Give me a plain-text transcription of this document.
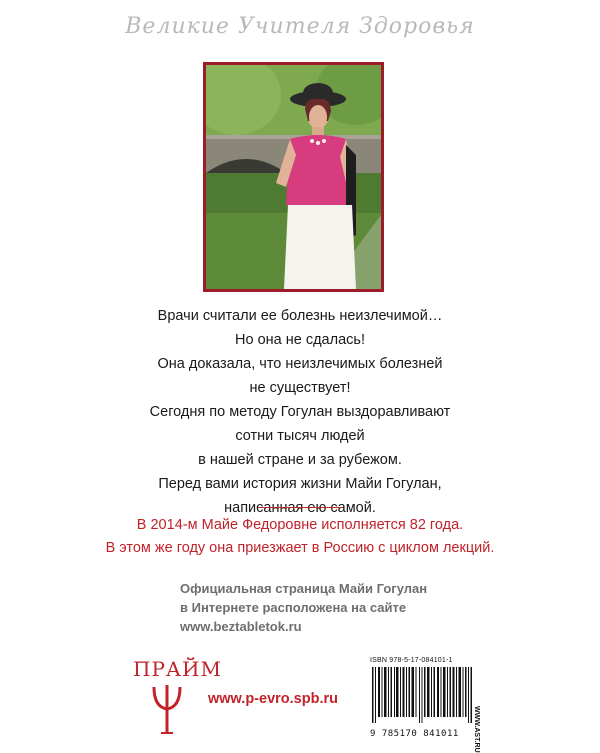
Великие Учителя Здоровья
Врачи считали ее болезнь неизлечимой…
Но она не сдалась!
Она доказала, что неизлечимых болезней
не существует!
Сегодня по методу Гогулан выздоравливают
сотни тысяч людей
в нашей стране и за рубежом.
Перед вами история жизни Майи Гогулан,
написанная ею самой.
В 2014-м Майе Федоровне исполняется 82 года.
В этом же году она приезжает в Россию с циклом лекций.
Официальная страница Майи Гогулан
в Интернете расположена на сайте
www.beztabletok.ru
ПРАЙМ
www.p-evro.spb.ru
ISBN 978-5-17-084101-1
9 785170 841011	WWW.AST.RU
